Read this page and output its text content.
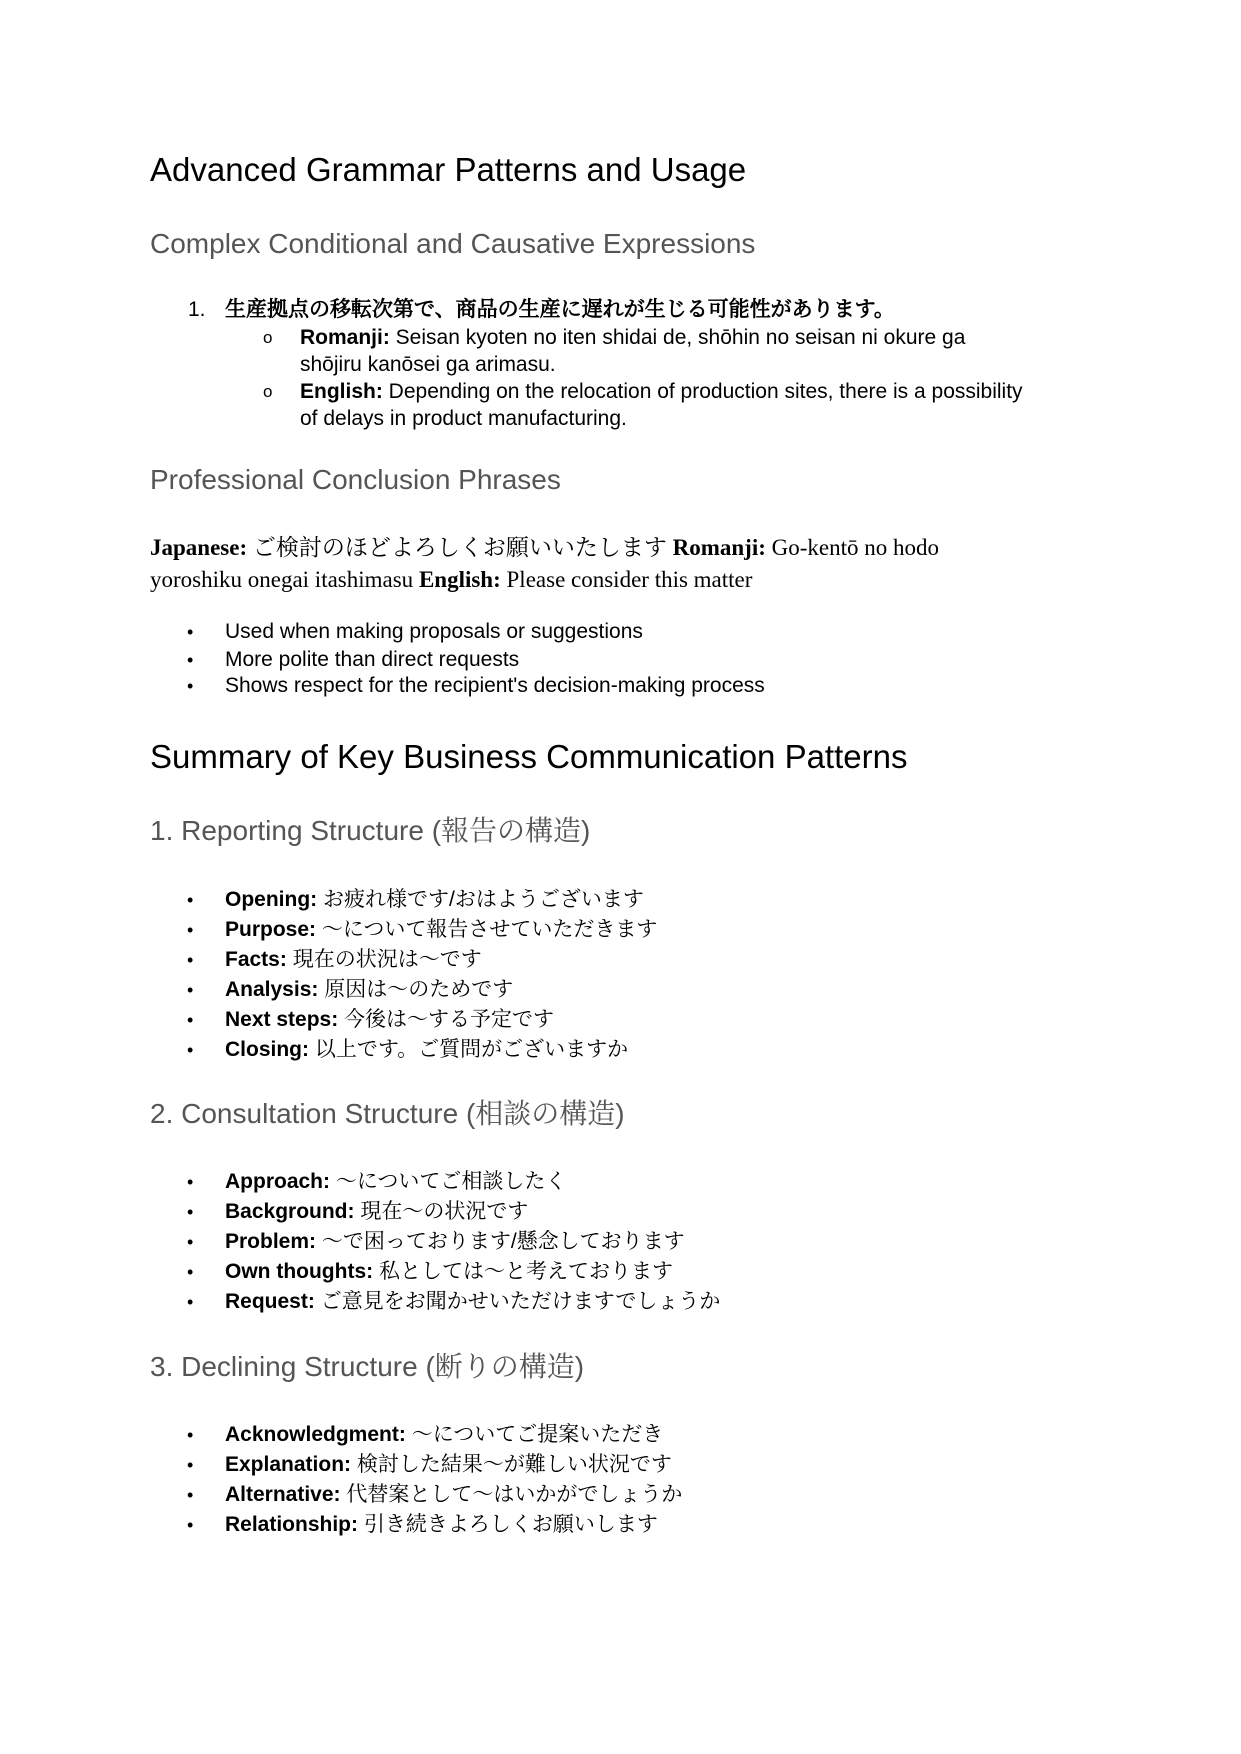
Advanced Grammar Patterns and Usage
Complex Conditional and Causative Expressions
1. 生産拠点の移転次第で、商品の生産に遅れが生じる可能性があります。
o Romanji: Seisan kyoten no iten shidai de, shōhin no seisan ni okure ga
shōjiru kanōsei ga arimasu.
o English: Depending on the relocation of production sites, there is a possibility
of delays in product manufacturing.
Professional Conclusion Phrases
Japanese: ご検討のほどよろしくお願いいたします Romanji: Go-kentō no hodo
yoroshiku onegai itashimasu English: Please consider this matter
• Used when making proposals or suggestions
• More polite than direct requests
• Shows respect for the recipient's decision-making process
Summary of Key Business Communication Patterns
1. Reporting Structure (報告の構造)
• Opening: お疲れ様です/おはようございます
• Purpose: ～について報告させていただきます
• Facts: 現在の状況は～です
• Analysis: 原因は～のためです
• Next steps: 今後は～する予定です
• Closing: 以上です。ご質問がございますか
2. Consultation Structure (相談の構造)
• Approach: ～についてご相談したく
• Background: 現在～の状況です
• Problem: ～で困っております/懸念しております
• Own thoughts: 私としては～と考えております
• Request: ご意見をお聞かせいただけますでしょうか
3. Declining Structure (断りの構造)
• Acknowledgment: ～についてご提案いただき
• Explanation: 検討した結果～が難しい状況です
• Alternative: 代替案として～はいかがでしょうか
• Relationship: 引き続きよろしくお願いします
